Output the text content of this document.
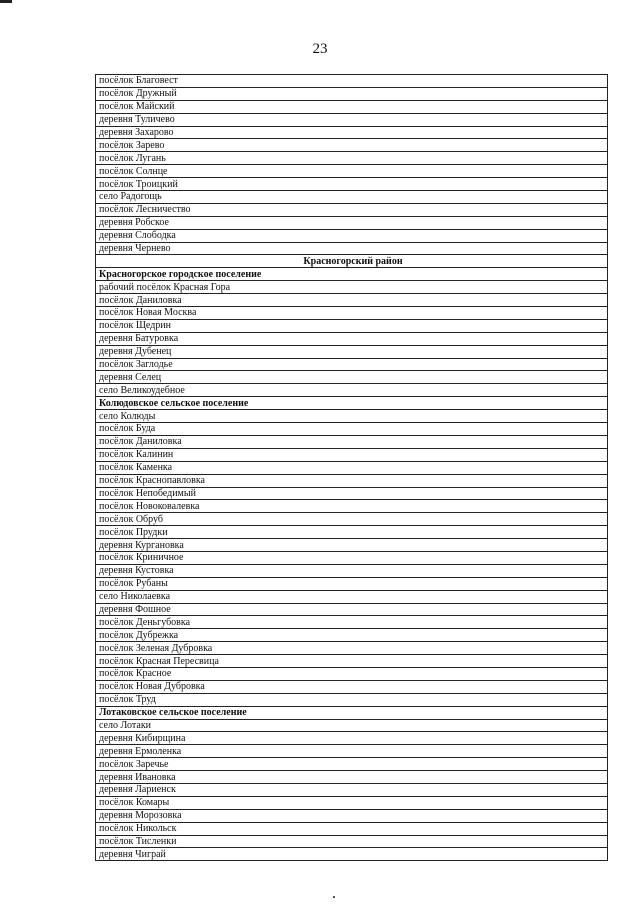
23
посёлок Благовест
посёлок Дружный
посёлок Майский
деревня Туличево
деревня Захарово
посёлок Зарево
посёлок Лугань
посёлок Солнце
посёлок Троицкий
село Радогощь
посёлок Лесничество
деревня Робское
деревня Слободка
деревня Чернево
Красногорский район
Красногорское городское поселение
рабочий посёлок Красная Гора
посёлок Даниловка
посёлок Новая Москва
посёлок Щедрин
деревня Батуровка
деревня Дубенец
посёлок Заглодье
деревня Селец
село Великоудебное
Колюдовское сельское поселение
село Колюды
посёлок Буда
посёлок Даниловка
посёлок Калинин
посёлок Каменка
посёлок Краснопавловка
посёлок Непобедимый
посёлок Новоковалевка
посёлок Обруб
посёлок Прудки
деревня Кургановка
посёлок Криничное
деревня Кустовка
посёлок Рубаны
село Николаевка
деревня Фошное
посёлок Деньгубовка
посёлок Дубрежка
посёлок Зеленая Дубровка
посёлок Красная Пересвица
посёлок Красное
посёлок Новая Дубровка
посёлок Труд
Лотаковское сельское поселение
село Лотаки
деревня Кибирщина
деревня Ермоленка
посёлок Заречье
деревня Ивановка
деревня Лариенск
посёлок Комары
деревня Морозовка
посёлок Никольск
посёлок Тисленки
деревня Чиграй
